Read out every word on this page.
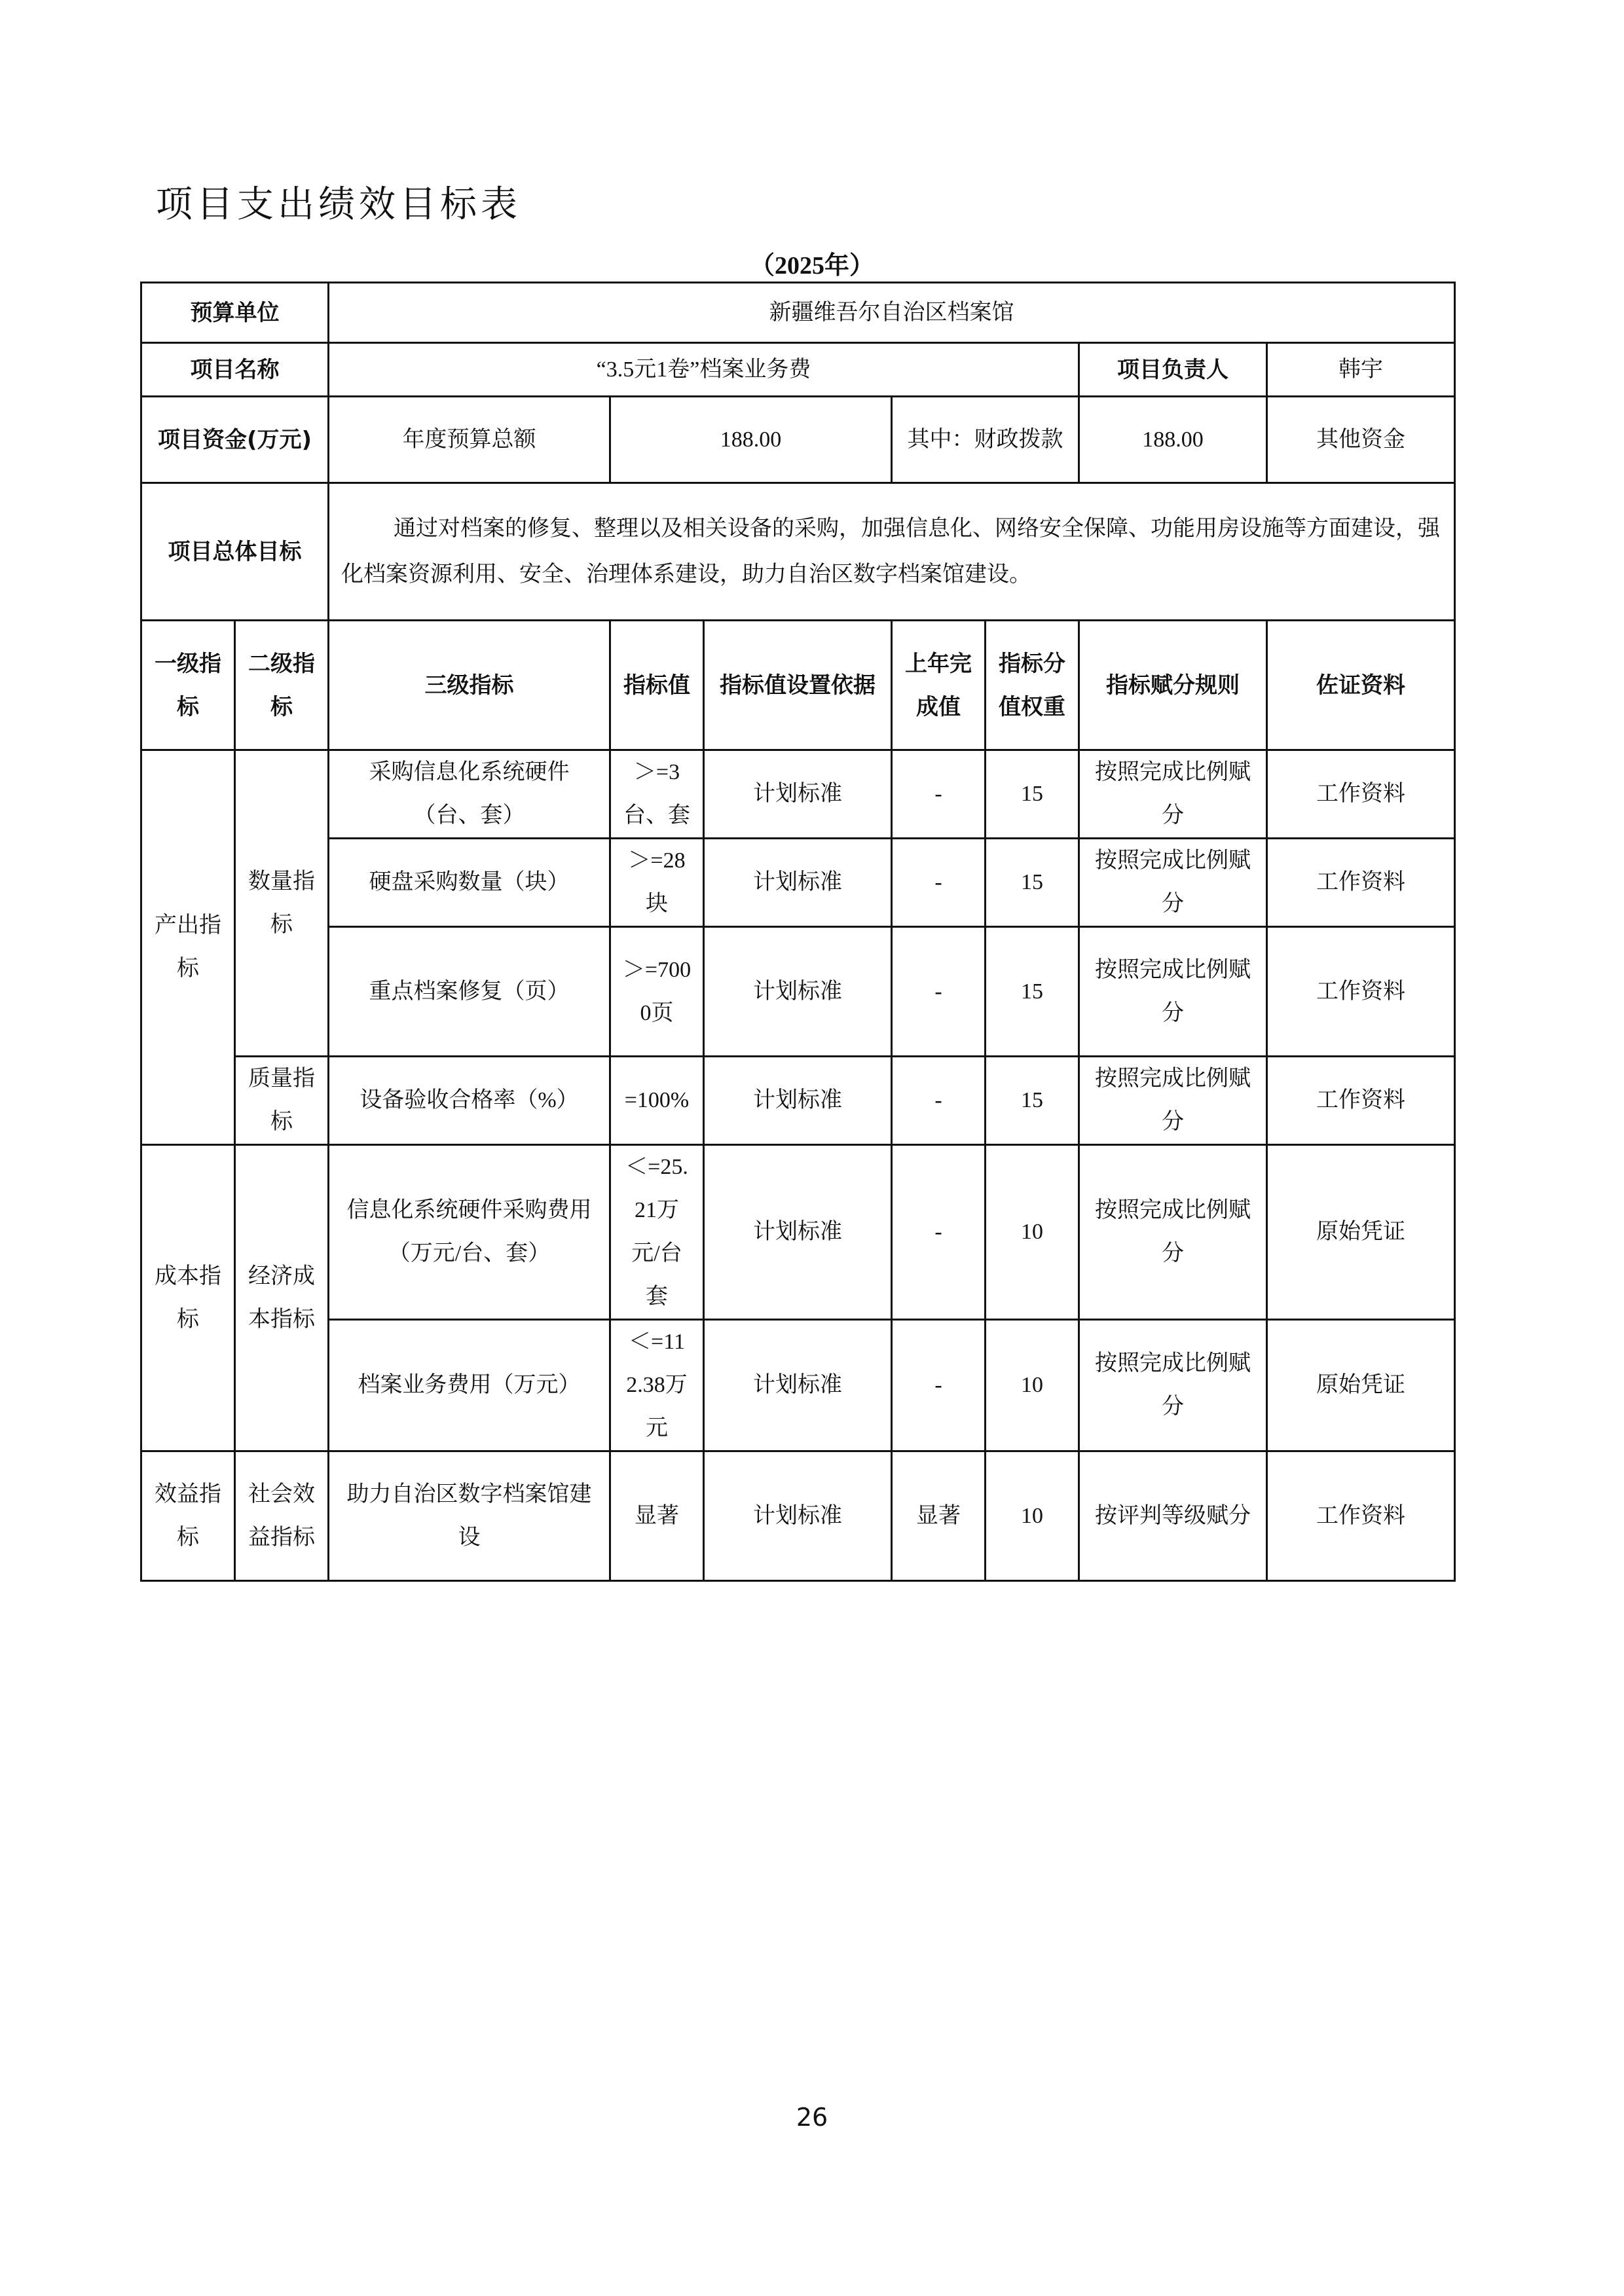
项目支出绩效目标表
（2025年）
预算单位		新疆维吾尔自治区档案馆						
项目名称		“3.5元1卷”档案业务费					项目负责人	韩宇
项目资金(万元)		年度预算总额	188.00		其中：财政拨款		188.00	其他资金
项目总体目标		通过对档案的修复、整理以及相关设备的采购，加强信息化、网络安全保障、功能用房设施等方面建设，强化档案资源利用、安全、治理体系建设，助力自治区数字档案馆建设。						
一级指标	二级指标	三级指标	指标值	指标值设置依据	上年完成值	指标分值权重	指标赋分规则	佐证资料
产出指标	数量指标	采购信息化系统硬件（台、套）	＞=3台、套	计划标准	-	15	按照完成比例赋分	工作资料
		硬盘采购数量（块）	＞=28块	计划标准	-	15	按照完成比例赋分	工作资料
		重点档案修复（页）	＞=7000页	计划标准	-	15	按照完成比例赋分	工作资料
	质量指标	设备验收合格率（%）	=100%	计划标准	-	15	按照完成比例赋分	工作资料
成本指标	经济成本指标	信息化系统硬件采购费用（万元/台、套）	＜=25.21万元/台套	计划标准	-	10	按照完成比例赋分	原始凭证
		档案业务费用（万元）	＜=112.38万元	计划标准	-	10	按照完成比例赋分	原始凭证
效益指标	社会效益指标	助力自治区数字档案馆建设	显著	计划标准	显著	10	按评判等级赋分	工作资料
26
